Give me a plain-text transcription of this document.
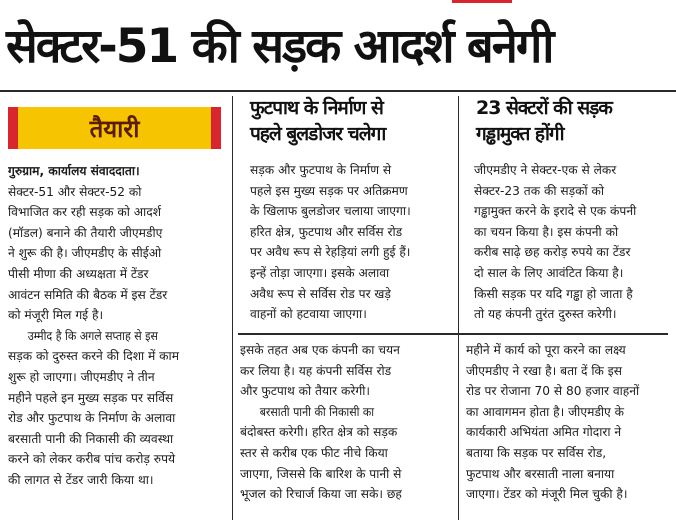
सेक्टर-51 की सड़क आदर्श बनेगी
तैयारी
गुरुग्राम, कार्यालय संवाददाता।
सेक्टर-51 और सेक्टर-52 को
विभाजित कर रही सड़क को आदर्श
(मॉडल) बनाने की तैयारी जीएमडीए
ने शुरू की है। जीएमडीए के सीईओ
पीसी मीणा की अध्यक्षता में टेंडर
आवंटन समिति की बैठक में इस टेंडर
को मंजूरी मिल गई है।
उम्मीद है कि अगले सप्ताह से इस
सड़क को दुरुस्त करने की दिशा में काम
शुरू हो जाएगा। जीएमडीए ने तीन
महीने पहले इन मुख्य सड़क पर सर्विस
रोड और फुटपाथ के निर्माण के अलावा
बरसाती पानी की निकासी की व्यवस्था
करने को लेकर करीब पांच करोड़ रुपये
की लागत से टेंडर जारी किया था।
फुटपाथ के निर्माण से
पहले बुलडोजर चलेगा
सड़क और फुटपाथ के निर्माण से
पहले इस मुख्य सड़क पर अतिक्रमण
के खिलाफ बुलडोजर चलाया जाएगा।
हरित क्षेत्र, फुटपाथ और सर्विस रोड
पर अवैध रूप से रेहड़ियां लगी हुई हैं।
इन्हें तोड़ा जाएगा। इसके अलावा
अवैध रूप से सर्विस रोड पर खड़े
वाहनों को हटवाया जाएगा।
इसके तहत अब एक कंपनी का चयन
कर लिया है। यह कंपनी सर्विस रोड
और फुटपाथ को तैयार करेगी।
बरसाती पानी की निकासी का
बंदोबस्त करेगी। हरित क्षेत्र को सड़क
स्तर से करीब एक फीट नीचे किया
जाएगा, जिससे कि बारिश के पानी से
भूजल को रिचार्ज किया जा सके। छह
23 सेक्टरों की सड़क
गड्ढामुक्त होंगी
जीएमडीए ने सेक्टर-एक से लेकर
सेक्टर-23 तक की सड़कों को
गड्ढामुक्त करने के इरादे से एक कंपनी
का चयन किया है। इस कंपनी को
करीब साढ़े छह करोड़ रुपये का टेंडर
दो साल के लिए आवंटित किया है।
किसी सड़क पर यदि गड्ढा हो जाता है
तो यह कंपनी तुरंत दुरुस्त करेगी।
महीने में कार्य को पूरा करने का लक्ष्य
जीएमडीए ने रखा है। बता दें कि इस
रोड पर रोजाना 70 से 80 हजार वाहनों
का आवागमन होता है। जीएमडीए के
कार्यकारी अभियंता अमित गोदारा ने
बताया कि सड़क पर सर्विस रोड,
फुटपाथ और बरसाती नाला बनाया
जाएगा। टेंडर को मंजूरी मिल चुकी है।
